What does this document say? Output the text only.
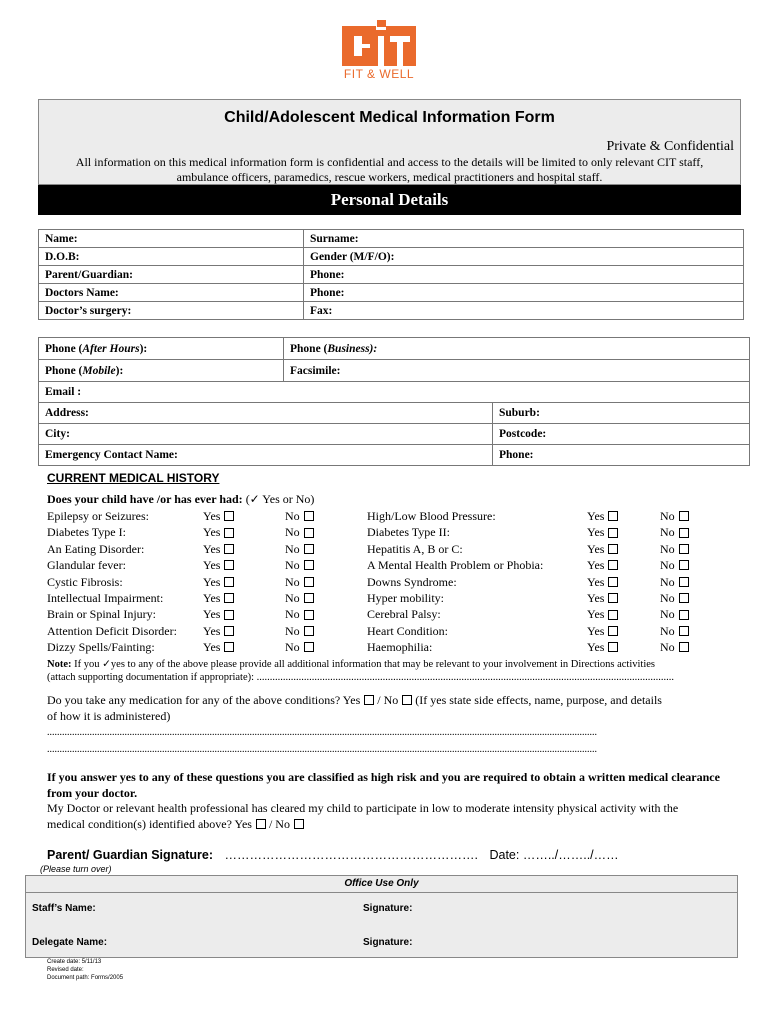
FIT & WELL
Child/Adolescent Medical Information Form
Private & Confidential
All information on this medical information form is confidential and access to the details will be limited to only relevant CIT staff,
ambulance officers, paramedics, rescue workers, medical practitioners and hospital staff.
Personal Details
Name:	Surname:
D.O.B:	Gender (M/F/O):
Parent/Guardian:	Phone:
Doctors Name:	Phone:
Doctor’s surgery:	Fax:
Phone (After Hours):	Phone (Business):	
Phone (Mobile):	Facsimile:	
Email :		
Address:		Suburb:
City:		Postcode:
Emergency Contact Name:		Phone:
CURRENT MEDICAL HISTORY
Does your child have /or has ever had: (✓ Yes or No)
Epilepsy or Seizures:	Yes	No
Diabetes Type I:	Yes	No
An Eating Disorder:	Yes	No
Glandular fever:	Yes	No
Cystic Fibrosis:	Yes	No
Intellectual Impairment:	Yes	No
Brain or Spinal Injury:	Yes	No
Attention Deficit Disorder: Yes	No
Dizzy Spells/Fainting:	Yes	No
High/Low Blood Pressure:	Yes	No
Diabetes Type II:	Yes	No
Hepatitis A, B or C:	Yes	No
A Mental Health Problem or Phobia:	Yes	No
Downs Syndrome:	Yes	No
Hyper mobility:	Yes	No
Cerebral Palsy:	Yes	No
Heart Condition:	Yes	No
Haemophilia:	Yes	No
Note: If you ✓yes to any of the above please provide all additional information that may be relevant to your involvement in Directions activities
(attach supporting documentation if appropriate): ...............................................................................................................................................................
Do you take any medication for any of the above conditions? Yes / No (If yes state side effects, name, purpose, and details
of how it is administered)
............................................................................................................................................................................................................................
............................................................................................................................................................................................................................
If you answer yes to any of these questions you are classified as high risk and you are required to obtain a written medical clearance from your doctor.
My Doctor or relevant health professional has cleared my child to participate in low to moderate intensity physical activity with the
medical condition(s) identified above? Yes / No
Parent/ Guardian Signature: ……………………………………………………. Date: ……../……../……
(Please turn over)
Office Use Only
Staff’s Name:	Signature:
Delegate Name:	Signature:
Create date: 5/11/13
Revised date:
Document path: Forms/2005
